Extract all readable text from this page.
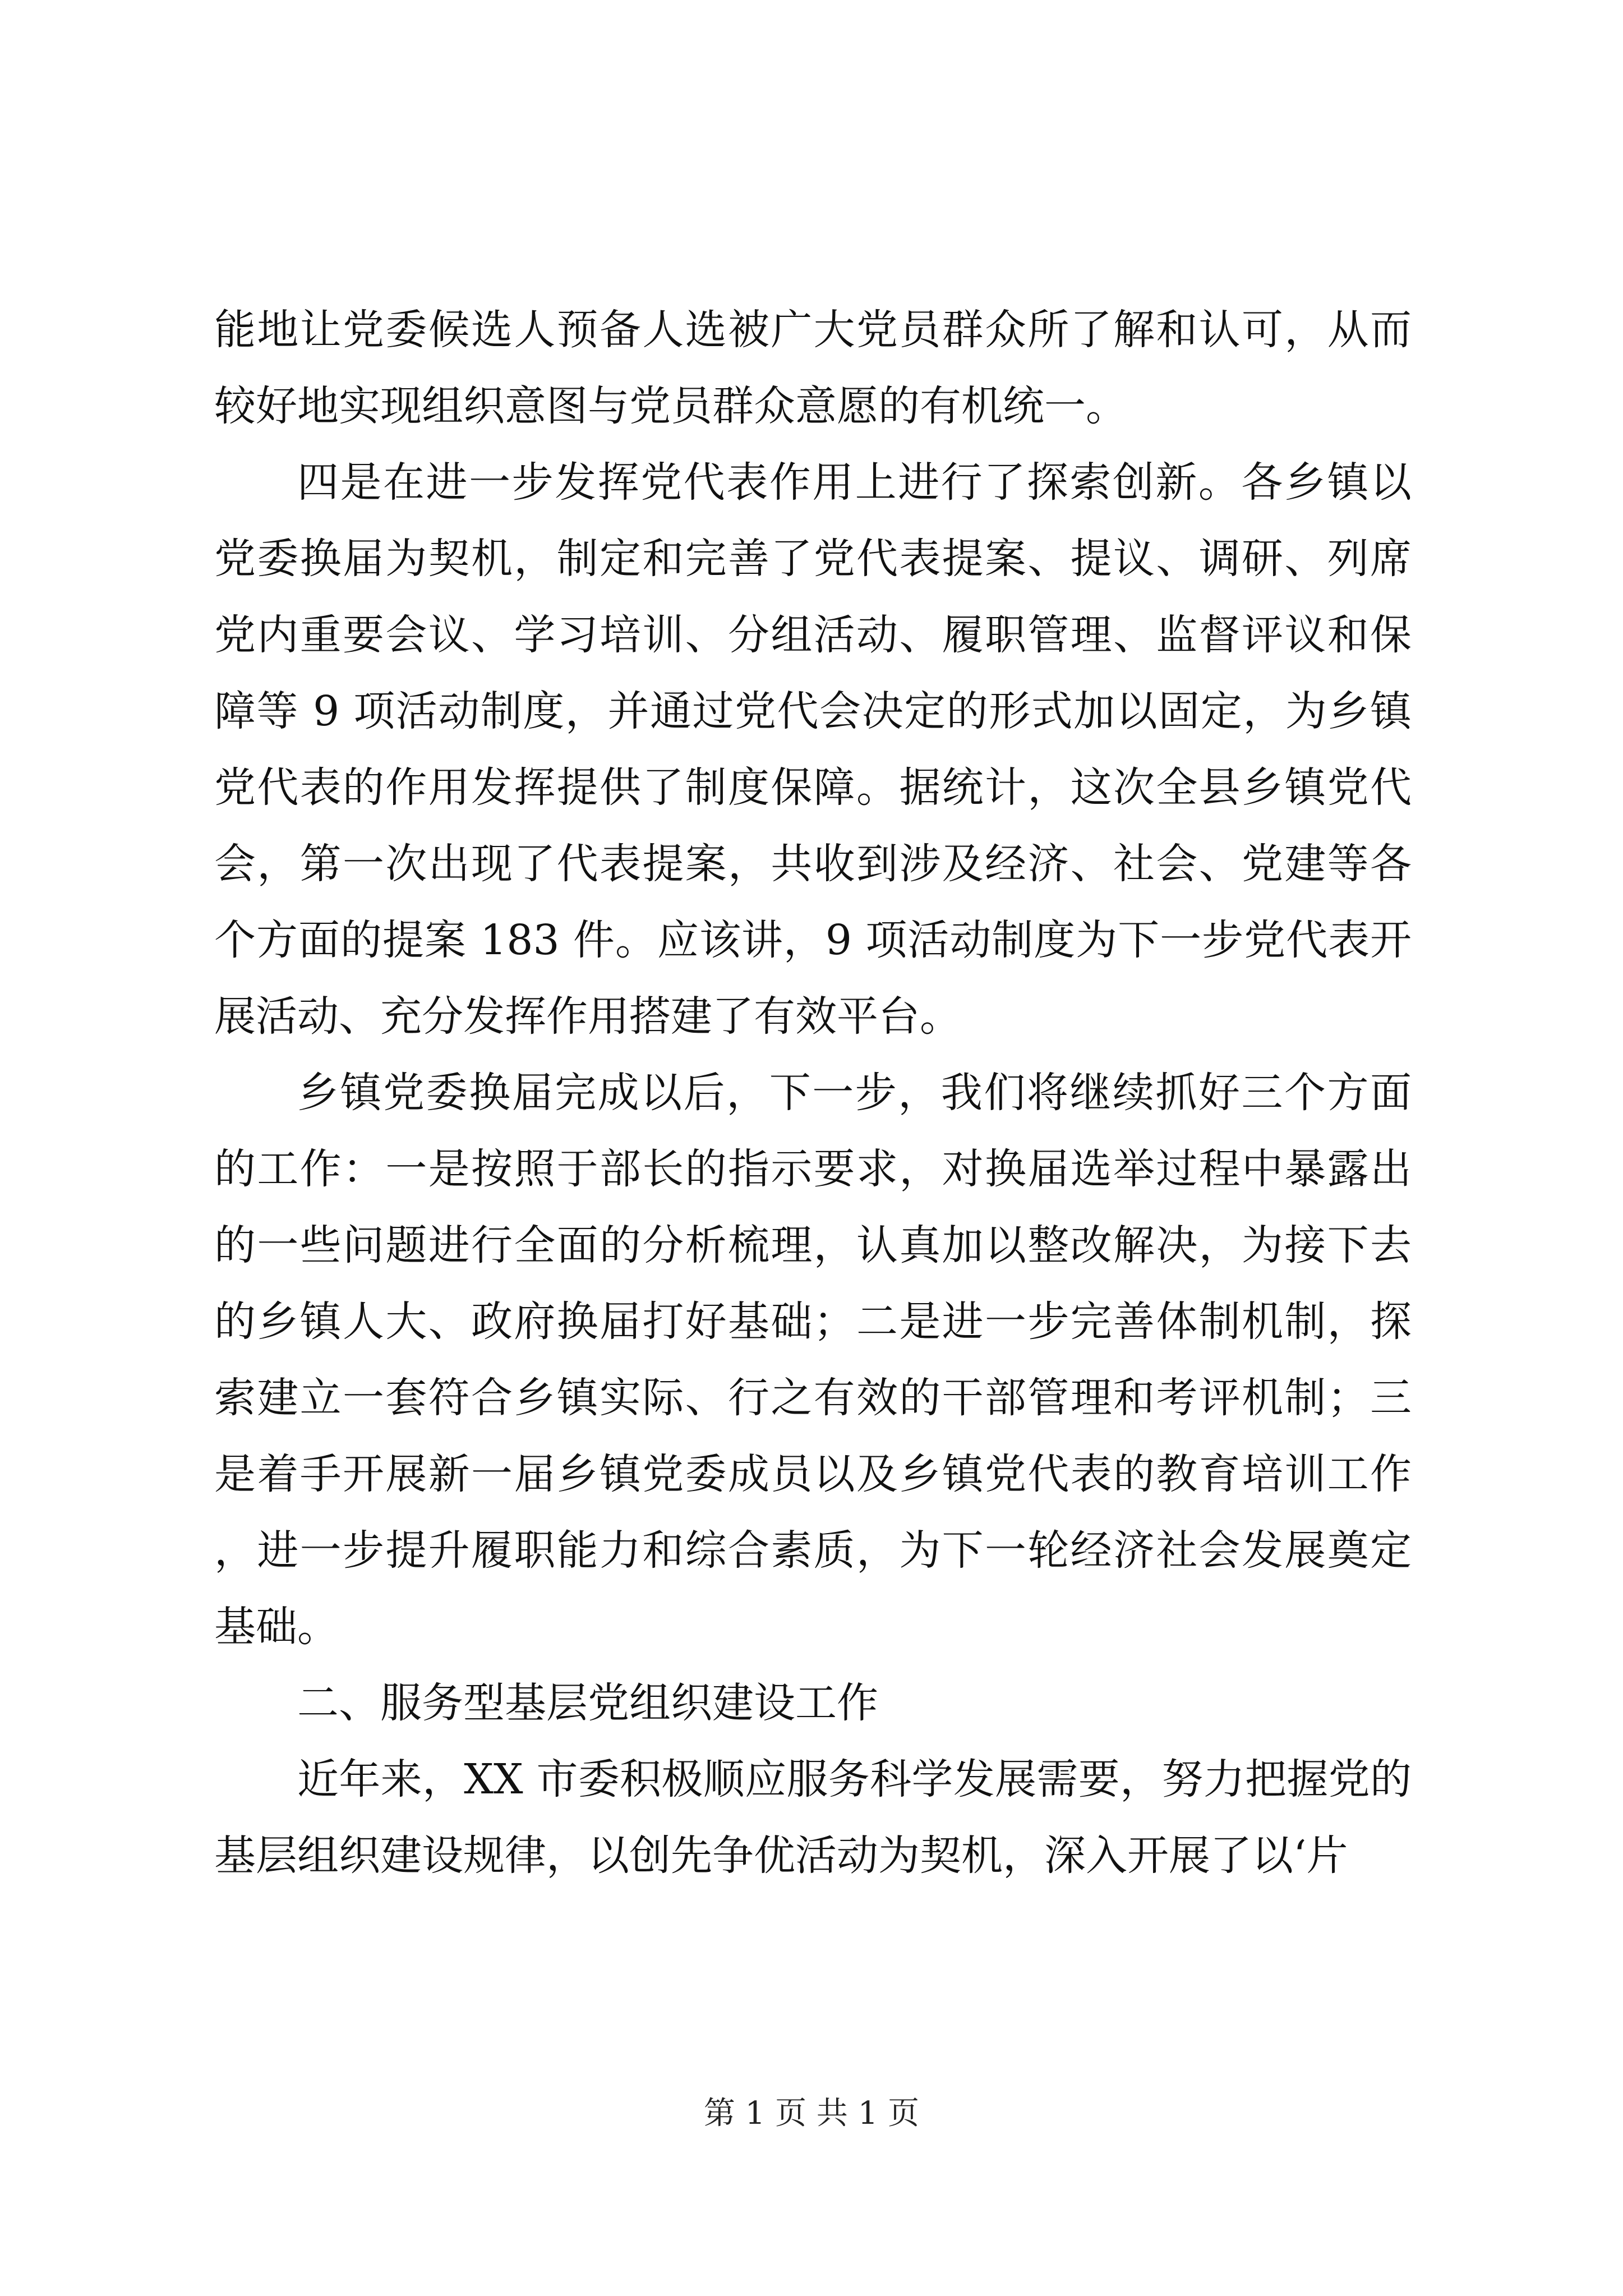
能地让党委候选人预备人选被广大党员群众所了解和认可，从而较好地实现组织意图与党员群众意愿的有机统一。

四是在进一步发挥党代表作用上进行了探索创新。各乡镇以党委换届为契机，制定和完善了党代表提案、提议、调研、列席党内重要会议、学习培训、分组活动、履职管理、监督评议和保障等 9 项活动制度，并通过党代会决定的形式加以固定，为乡镇党代表的作用发挥提供了制度保障。据统计，这次全县乡镇党代会，第一次出现了代表提案，共收到涉及经济、社会、党建等各个方面的提案 183 件。应该讲，9 项活动制度为下一步党代表开展活动、充分发挥作用搭建了有效平台。

乡镇党委换届完成以后，下一步，我们将继续抓好三个方面的工作：一是按照于部长的指示要求，对换届选举过程中暴露出的一些问题进行全面的分析梳理，认真加以整改解决，为接下去的乡镇人大、政府换届打好基础；二是进一步完善体制机制，探索建立一套符合乡镇实际、行之有效的干部管理和考评机制；三是着手开展新一届乡镇党委成员以及乡镇党代表的教育培训工作，进一步提升履职能力和综合素质，为下一轮经济社会发展奠定基础。

二、服务型基层党组织建设工作

近年来，XX 市委积极顺应服务科学发展需要，努力把握党的基层组织建设规律，以创先争优活动为契机，深入开展了以‘片

第 1 页 共 1 页
